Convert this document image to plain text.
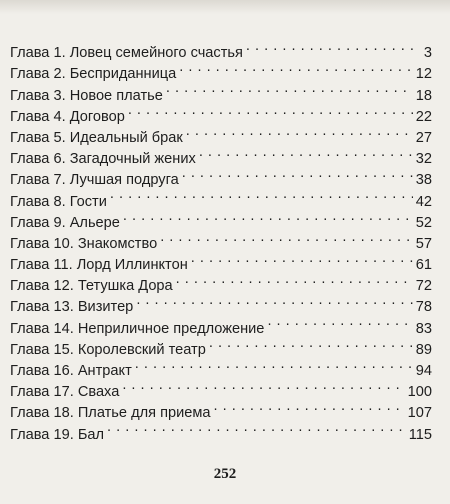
Глава 1. Ловец семейного счастья . . .	3
Глава 2. Бесприданница . . .	12
Глава 3. Новое платье . . .	18
Глава 4. Договор . . .	22
Глава 5. Идеальный брак . . .	27
Глава 6. Загадочный жених . . .	32
Глава 7. Лучшая подруга . . .	38
Глава 8. Гости . . .	42
Глава 9. Альере . . .	52
Глава 10. Знакомство . . .	57
Глава 11. Лорд Иллинктон . . .	61
Глава 12. Тетушка Дора . . .	72
Глава 13. Визитер . . .	78
Глава 14. Неприличное предложение . . .	83
Глава 15. Королевский театр . . .	89
Глава 16. Антракт . . .	94
Глава 17. Сваха . . .	100
Глава 18. Платье для приема . . .	107
Глава 19. Бал . . .	115
252
